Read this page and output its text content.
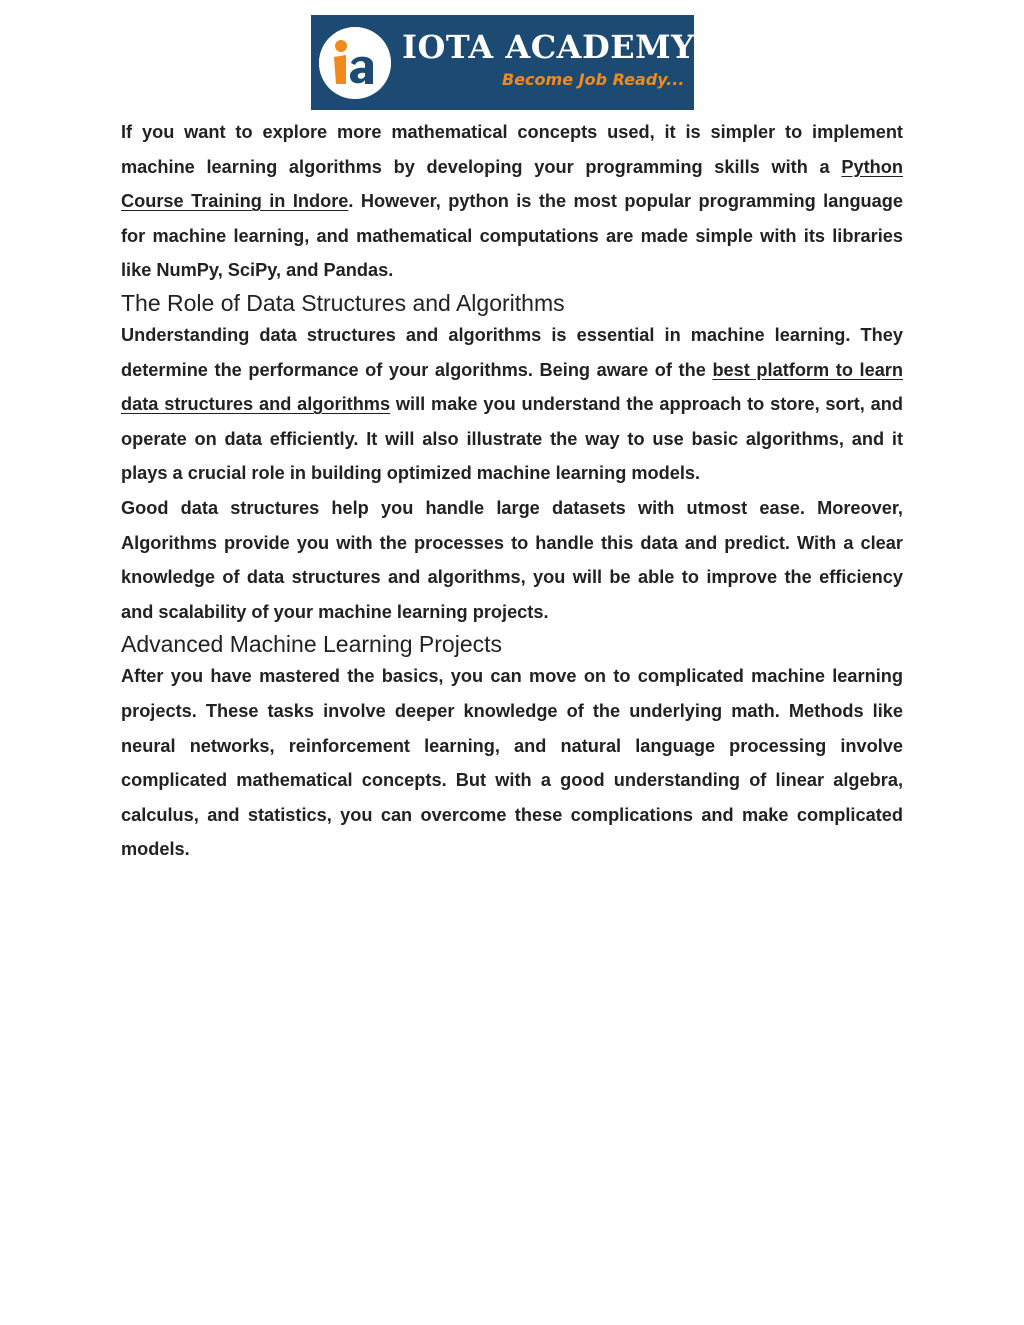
IOTA ACADEMY
Become Job Ready...

If you want to explore more mathematical concepts used, it is simpler to implement machine learning algorithms by developing your programming skills with a Python Course Training in Indore. However, python is the most popular programming language for machine learning, and mathematical computations are made simple with its libraries like NumPy, SciPy, and Pandas.

The Role of Data Structures and Algorithms

Understanding data structures and algorithms is essential in machine learning. They determine the performance of your algorithms. Being aware of the best platform to learn data structures and algorithms will make you understand the approach to store, sort, and operate on data efficiently. It will also illustrate the way to use basic algorithms, and it plays a crucial role in building optimized machine learning models.

Good data structures help you handle large datasets with utmost ease. Moreover, Algorithms provide you with the processes to handle this data and predict. With a clear knowledge of data structures and algorithms, you will be able to improve the efficiency and scalability of your machine learning projects.

Advanced Machine Learning Projects

After you have mastered the basics, you can move on to complicated machine learning projects. These tasks involve deeper knowledge of the underlying math. Methods like neural networks, reinforcement learning, and natural language processing involve complicated mathematical concepts. But with a good understanding of linear algebra, calculus, and statistics, you can overcome these complications and make complicated models.
